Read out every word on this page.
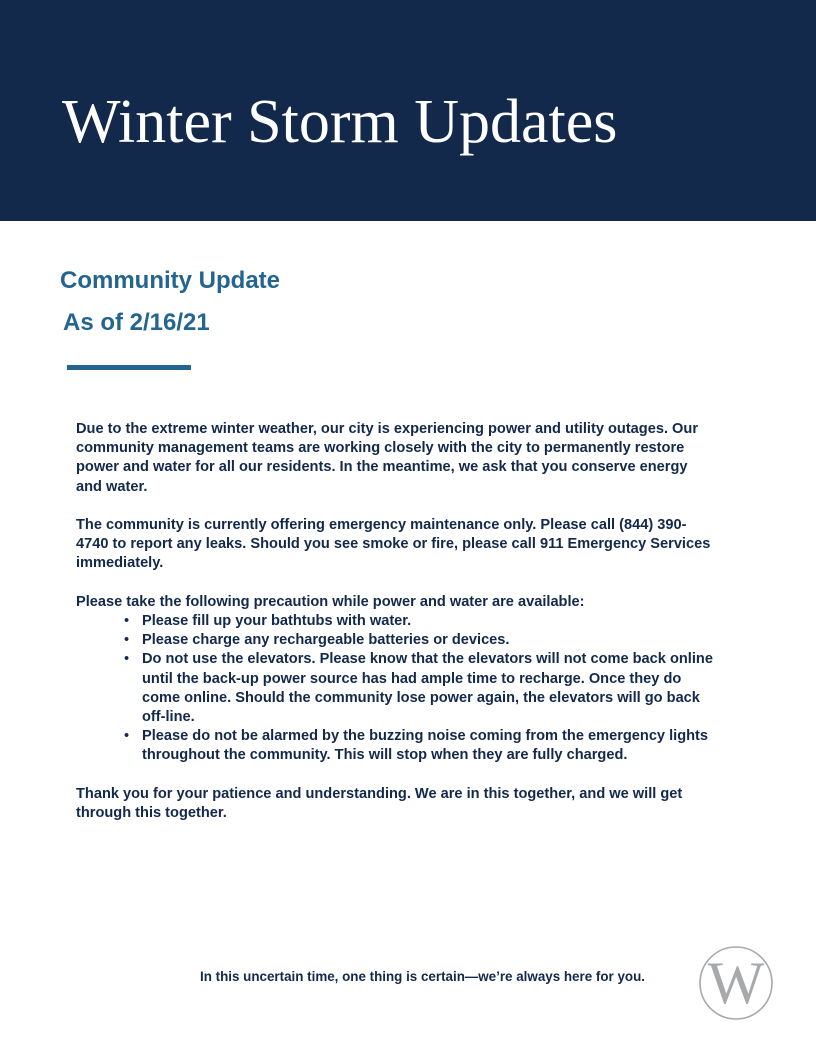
Winter Storm Updates
Community Update
As of 2/16/21

Due to the extreme winter weather, our city is experiencing power and utility outages. Our community management teams are working closely with the city to permanently restore power and water for all our residents. In the meantime, we ask that you conserve energy and water.

The community is currently offering emergency maintenance only. Please call (844) 390-4740 to report any leaks. Should you see smoke or fire, please call 911 Emergency Services immediately.

Please take the following precaution while power and water are available:

• Please fill up your bathtubs with water.
• Please charge any rechargeable batteries or devices.
• Do not use the elevators. Please know that the elevators will not come back online until the back-up power source has had ample time to recharge. Once they do come online. Should the community lose power again, the elevators will go back off-line.
• Please do not be alarmed by the buzzing noise coming from the emergency lights throughout the community. This will stop when they are fully charged.

Thank you for your patience and understanding. We are in this together, and we will get through this together.

In this uncertain time, one thing is certain—we’re always here for you.	W
